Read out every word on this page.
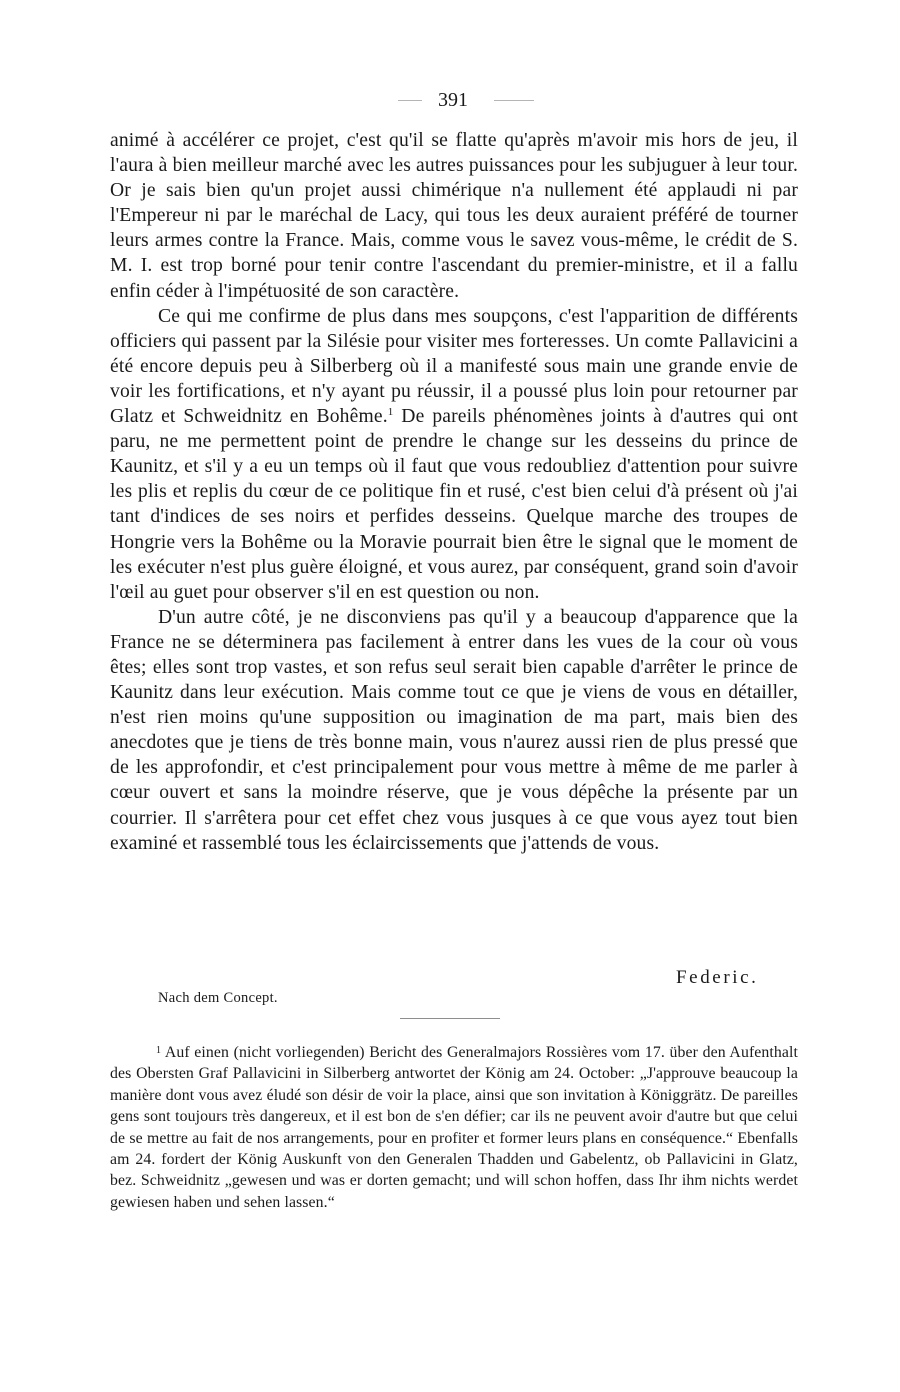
391

animé à accélérer ce projet, c'est qu'il se flatte qu'après m'avoir mis hors de jeu, il l'aura à bien meilleur marché avec les autres puissances pour les subjuguer à leur tour. Or je sais bien qu'un projet aussi chimérique n'a nullement été applaudi ni par l'Empereur ni par le maréchal de Lacy, qui tous les deux auraient préféré de tourner leurs armes contre la France. Mais, comme vous le savez vous-même, le crédit de S. M. I. est trop borné pour tenir contre l'ascendant du premier-ministre, et il a fallu enfin céder à l'impétuosité de son caractère.

Ce qui me confirme de plus dans mes soupçons, c'est l'apparition de différents officiers qui passent par la Silésie pour visiter mes forteresses. Un comte Pallavicini a été encore depuis peu à Silberberg où il a manifesté sous main une grande envie de voir les fortifications, et n'y ayant pu réussir, il a poussé plus loin pour retourner par Glatz et Schweidnitz en Bohême.$^1$ De pareils phénomènes joints à d'autres qui ont paru, ne me permettent point de prendre le change sur les desseins du prince de Kaunitz, et s'il y a eu un temps où il faut que vous redoubliez d'attention pour suivre les plis et replis du cœur de ce politique fin et rusé, c'est bien celui d'à présent où j'ai tant d'indices de ses noirs et perfides desseins. Quelque marche des troupes de Hongrie vers la Bohême ou la Moravie pourrait bien être le signal que le moment de les exécuter n'est plus guère éloigné, et vous aurez, par conséquent, grand soin d'avoir l'œil au guet pour observer s'il en est question ou non.

D'un autre côté, je ne disconviens pas qu'il y a beaucoup d'apparence que la France ne se déterminera pas facilement à entrer dans les vues de la cour où vous êtes; elles sont trop vastes, et son refus seul serait bien capable d'arrêter le prince de Kaunitz dans leur exécution. Mais comme tout ce que je viens de vous en détailler, n'est rien moins qu'une supposition ou imagination de ma part, mais bien des anecdotes que je tiens de très bonne main, vous n'aurez aussi rien de plus pressé que de les approfondir, et c'est principalement pour vous mettre à même de me parler à cœur ouvert et sans la moindre réserve, que je vous dépêche la présente par un courrier. Il s'arrêtera pour cet effet chez vous jusques à ce que vous ayez tout bien examiné et rassemblé tous les éclaircissements que j'attends de vous.

Federic.
Nach dem Concept.

$^1$ Auf einen (nicht vorliegenden) Bericht des Generalmajors Rossières vom 17. über den Aufenthalt des Obersten Graf Pallavicini in Silberberg antwortet der König am 24. October: „J'approuve beaucoup la manière dont vous avez éludé son désir de voir la place, ainsi que son invitation à Königgrätz. De pareilles gens sont toujours très dangereux, et il est bon de s'en défier; car ils ne peuvent avoir d'autre but que celui de se mettre au fait de nos arrangements, pour en profiter et former leurs plans en conséquence.“ Ebenfalls am 24. fordert der König Auskunft von den Generalen Thadden und Gabelentz, ob Pallavicini in Glatz, bez. Schweidnitz „gewesen und was er dorten gemacht; und will schon hoffen, dass Ihr ihm nichts werdet gewiesen haben und sehen lassen.“
